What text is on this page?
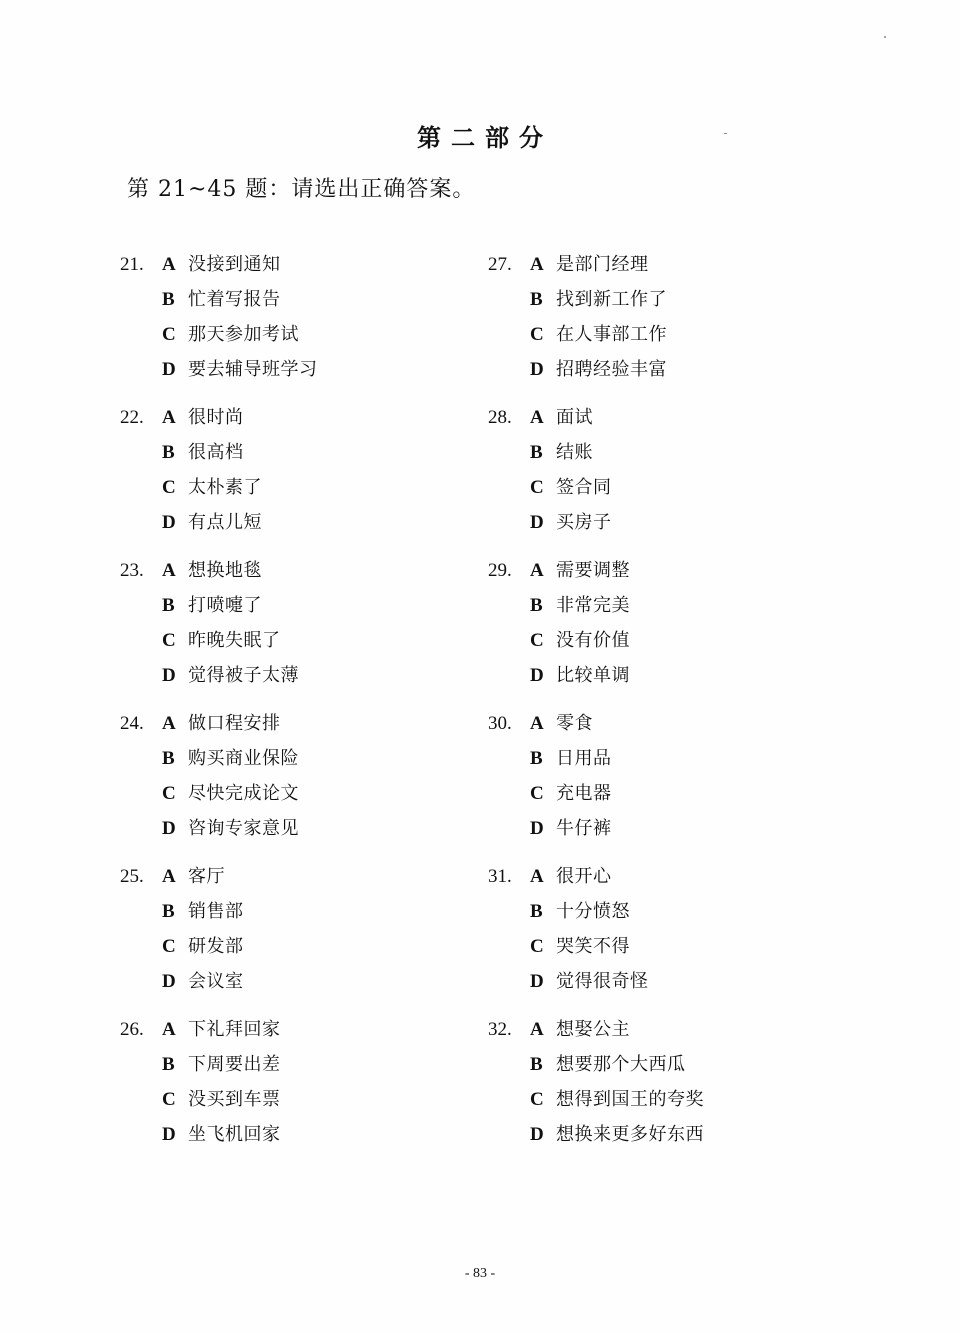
第二部分
第 21~45 题：请选出正确答案。
21. A 没接到通知
B 忙着写报告
C 那天参加考试
D 要去辅导班学习
22. A 很时尚
B 很高档
C 太朴素了
D 有点儿短
23. A 想换地毯
B 打喷嚏了
C 昨晚失眠了
D 觉得被子太薄
24. A 做口程安排
B 购买商业保险
C 尽快完成论文
D 咨询专家意见
25. A 客厅
B 销售部
C 研发部
D 会议室
26. A 下礼拜回家
B 下周要出差
C 没买到车票
D 坐飞机回家
27. A 是部门经理
B 找到新工作了
C 在人事部工作
D 招聘经验丰富
28. A 面试
B 结账
C 签合同
D 买房子
29. A 需要调整
B 非常完美
C 没有价值
D 比较单调
30. A 零食
B 日用品
C 充电器
D 牛仔裤
31. A 很开心
B 十分愤怒
C 哭笑不得
D 觉得很奇怪
32. A 想娶公主
B 想要那个大西瓜
C 想得到国王的夸奖
D 想换来更多好东西
- 83 -
